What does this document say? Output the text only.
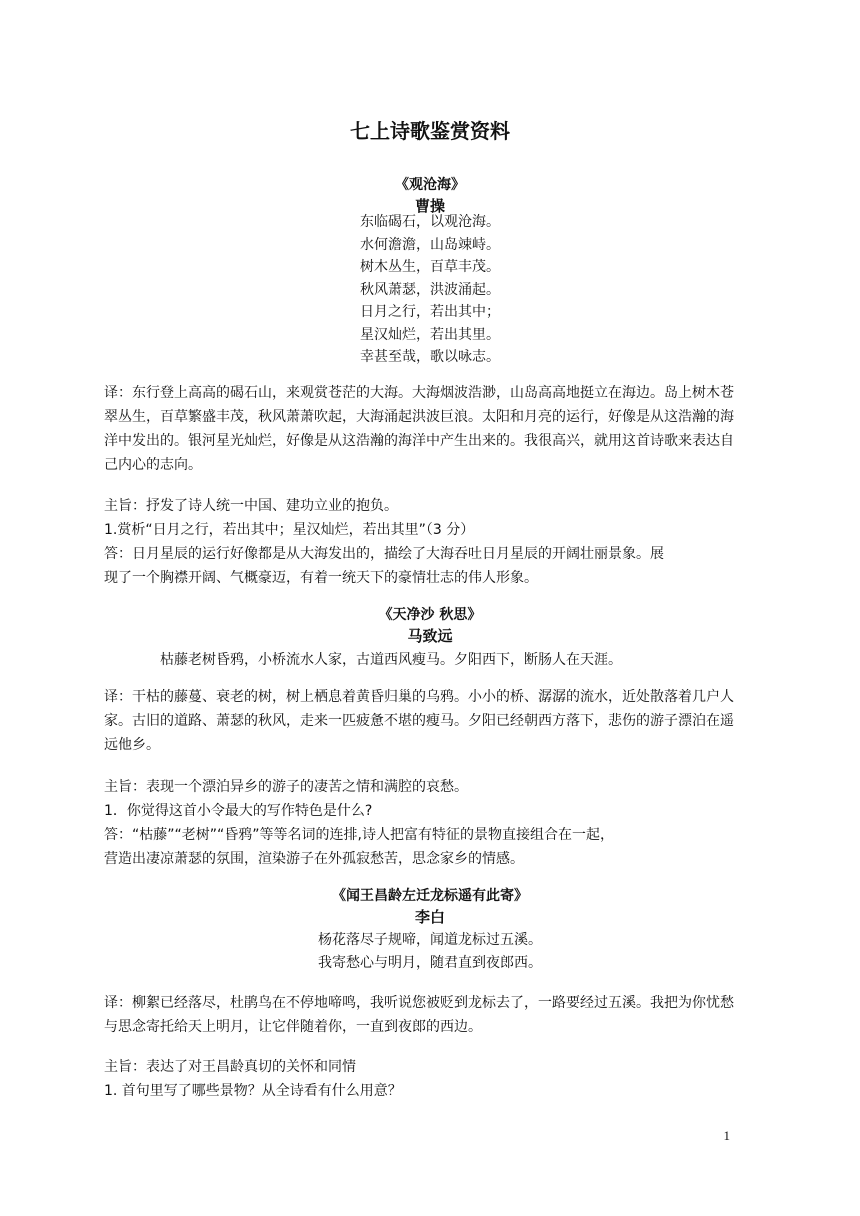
七上诗歌鉴赏资料
《观沧海》
曹操
东临碣石，以观沧海。
水何澹澹，山岛竦峙。
树木丛生，百草丰茂。
秋风萧瑟，洪波涌起。
日月之行，若出其中；
星汉灿烂，若出其里。
幸甚至哉，歌以咏志。
译：东行登上高高的碣石山，来观赏苍茫的大海。大海烟波浩渺，山岛高高地挺立在海边。岛上树木苍翠丛生，百草繁盛丰茂，秋风萧萧吹起，大海涌起洪波巨浪。太阳和月亮的运行，好像是从这浩瀚的海洋中发出的。银河星光灿烂，好像是从这浩瀚的海洋中产生出来的。我很高兴，就用这首诗歌来表达自己内心的志向。
主旨：抒发了诗人统一中国、建功立业的抱负。
1.赏析“日月之行，若出其中；星汉灿烂，若出其里”（3 分）
答：日月星辰的运行好像都是从大海发出的，描绘了大海吞吐日月星辰的开阔壮丽景象。展
现了一个胸襟开阔、气概豪迈，有着一统天下的豪情壮志的伟人形象。
《天净沙 秋思》
马致远
枯藤老树昏鸦，小桥流水人家，古道西风瘦马。夕阳西下，断肠人在天涯。
译：干枯的藤蔓、衰老的树，树上栖息着黄昏归巢的乌鸦。小小的桥、潺潺的流水，近处散落着几户人家。古旧的道路、萧瑟的秋风，走来一匹疲惫不堪的瘦马。夕阳已经朝西方落下，悲伤的游子漂泊在遥远他乡。
主旨：表现一个漂泊异乡的游子的凄苦之情和满腔的哀愁。
1．你觉得这首小令最大的写作特色是什么?
答：“枯藤”“老树”“昏鸦”等等名词的连排,诗人把富有特征的景物直接组合在一起，
营造出凄凉萧瑟的氛围，渲染游子在外孤寂愁苦，思念家乡的情感。
《闻王昌龄左迁龙标遥有此寄》
李白
杨花落尽子规啼，闻道龙标过五溪。
我寄愁心与明月，随君直到夜郎西。
译：柳絮已经落尽，杜鹃鸟在不停地啼鸣，我听说您被贬到龙标去了，一路要经过五溪。我把为你忧愁与思念寄托给天上明月，让它伴随着你，一直到夜郎的西边。
主旨：表达了对王昌龄真切的关怀和同情
1. 首句里写了哪些景物？从全诗看有什么用意？
1
